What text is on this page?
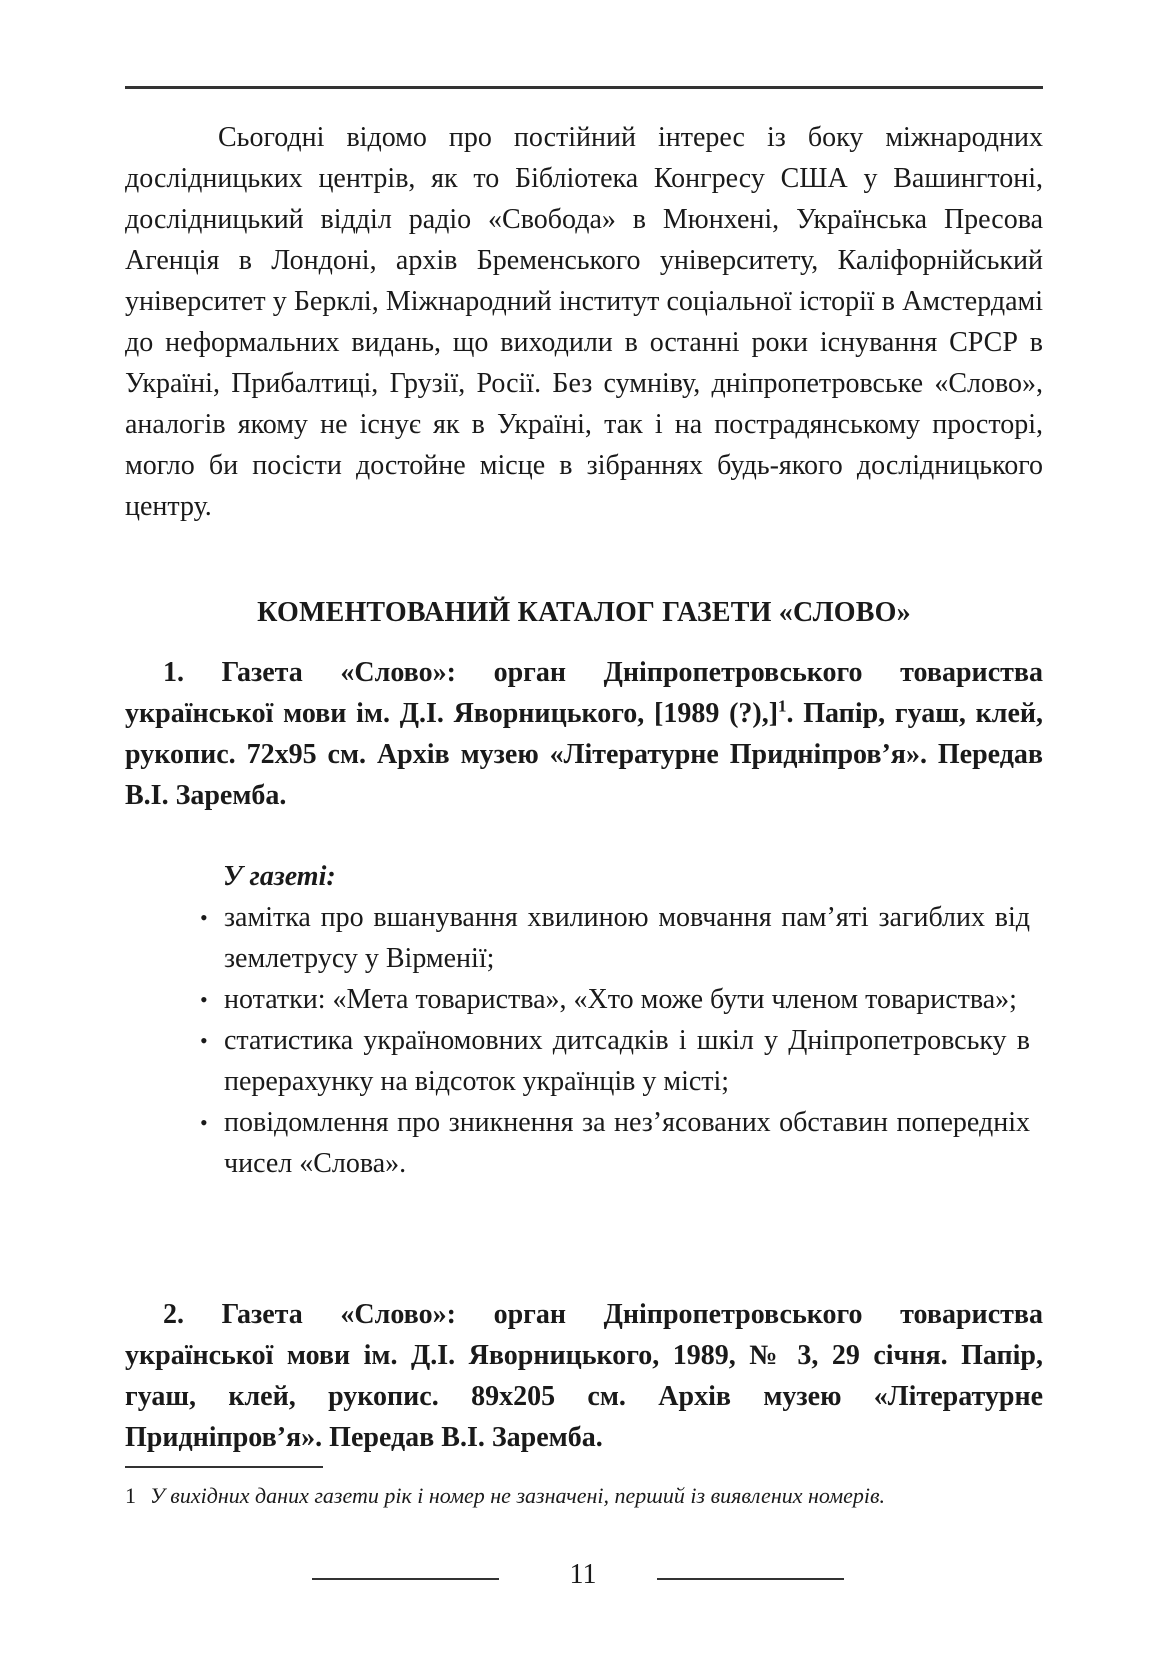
Сьогодні відомо про постійний інтерес із боку міжнародних дослідницьких центрів, як то Бібліотека Конгресу США у Вашингтоні, дослідницький відділ радіо «Свобода» в Мюнхені, Українська Пресова Агенція в Лондоні, архів Бременського університету, Каліфорнійський університет у Берклі, Міжнародний інститут соціальної історії в Амстердамі до неформальних видань, що виходили в останні роки існування СРСР в Україні, Прибалтиці, Грузії, Росії. Без сумніву, дніпропетровське «Слово», аналогів якому не існує як в Україні, так і на пострадянському просторі, могло би посісти достойне місце в зібраннях будь-якого дослідницького центру.

КОМЕНТОВАНИЙ КАТАЛОГ ГАЗЕТИ «СЛОВО»

1. Газета «Слово»: орган Дніпропетровського товариства української мови ім. Д.І. Яворницького, [1989 (?),]$^1$. Папір, гуаш, клей, рукопис. 72х95 см. Архів музею «Літературне Придніпров’я». Передав В.І. Заремба.

У газеті:
• замітка про вшанування хвилиною мовчання пам’яті загиблих від землетрусу у Вірменії;
• нотатки: «Мета товариства», «Хто може бути членом товариства»;
• статистика україномовних дитсадків і шкіл у Дніпропетровську в перерахунку на відсоток українців у місті;
• повідомлення про зникнення за нез’ясованих обставин попередніх чисел «Слова».

2. Газета «Слово»: орган Дніпропетровського товариства української мови ім. Д.І. Яворницького, 1989, № 3, 29 січня. Папір, гуаш, клей, рукопис. 89х205 см. Архів музею «Літературне Придніпров’я». Передав В.І. Заремба.

1 У вихідних даних газети рік і номер не зазначені, перший із виявлених номерів.
11
